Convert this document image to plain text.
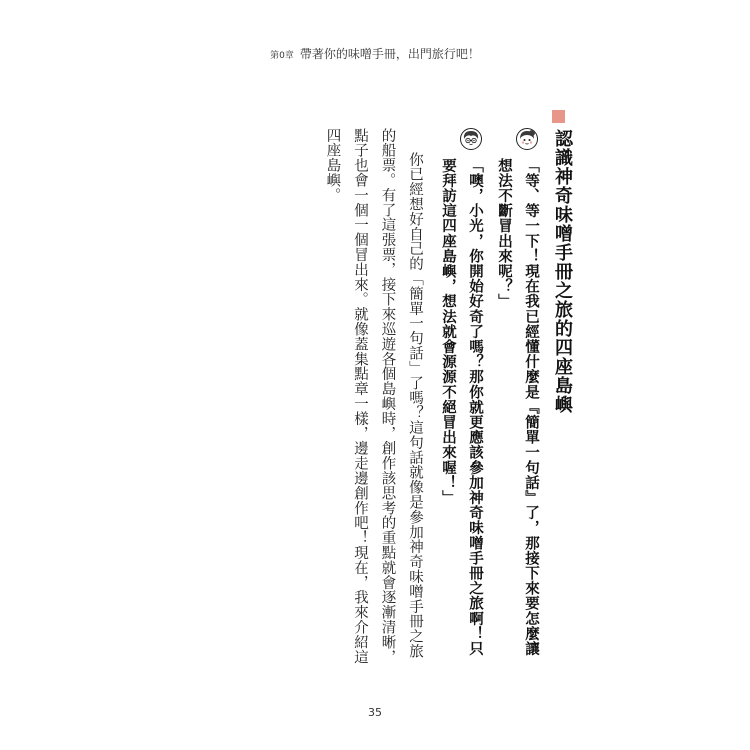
第0章 帶著你的味噌手冊，出門旅行吧！
認識神奇味噌手冊之旅的四座島嶼
「等、等一下！現在我已經懂什麼是『簡單一句話』了，那接下來要怎麼讓
想法不斷冒出來呢？」
「噢，小光，你開始好奇了嗎？那你就更應該參加神奇味噌手冊之旅啊！只
要拜訪這四座島嶼，想法就會源源不絕冒出來喔！」
你已經想好自己的「簡單一句話」了嗎？這句話就像是參加神奇味噌手冊之旅
的船票。有了這張票，接下來巡遊各個島嶼時，創作該思考的重點就會逐漸清晰，
點子也會一個一個冒出來。就像蓋集點章一樣，邊走邊創作吧！現在，我來介紹這
四座島嶼。
35
